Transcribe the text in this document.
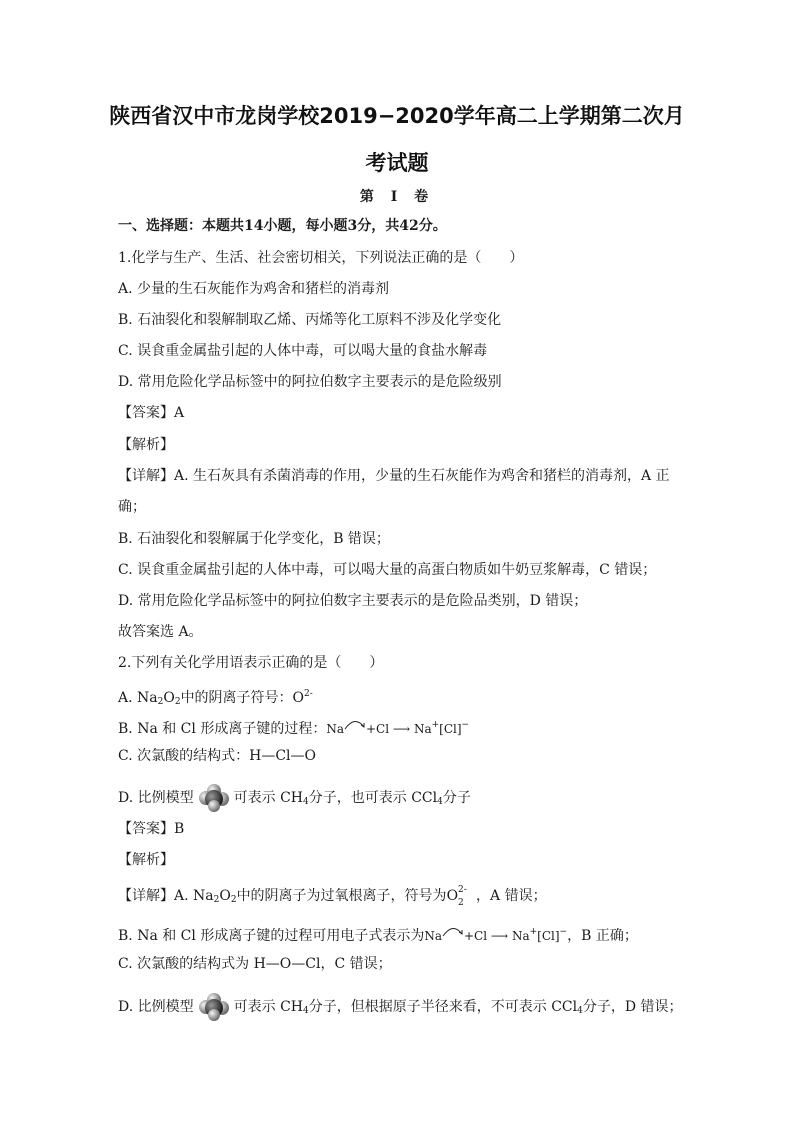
陕西省汉中市龙岗学校2019−2020学年高二上学期第二次月
考试题
第 Ⅰ 卷
一、选择题：本题共14小题，每小题3分，共42分。
1.化学与生产、生活、社会密切相关，下列说法正确的是（　　）
A. 少量的生石灰能作为鸡舍和猪栏的消毒剂
B. 石油裂化和裂解制取乙烯、丙烯等化工原料不涉及化学变化
C. 误食重金属盐引起的人体中毒，可以喝大量的食盐水解毒
D. 常用危险化学品标签中的阿拉伯数字主要表示的是危险级别
【答案】A
【解析】
【详解】A. 生石灰具有杀菌消毒的作用，少量的生石灰能作为鸡舍和猪栏的消毒剂，A 正
确；
B. 石油裂化和裂解属于化学变化，B 错误；
C. 误食重金属盐引起的人体中毒，可以喝大量的高蛋白物质如牛奶豆浆解毒，C 错误；
D. 常用危险化学品标签中的阿拉伯数字主要表示的是危险品类别，D 错误；
故答案选 A。
2.下列有关化学用语表示正确的是（　　）
A. $Na_2O_2$中的阴离子符号：$O^{2-}$
B. Na 和 Cl 形成离子键的过程：Na +Cl ⟶ Na+[Cl]−
C. 次氯酸的结构式：H—Cl—O
D. 比例模型	可表示 $CH_4$分子，也可表示 CCl$_4$分子
【答案】B
【解析】
【详解】A. $Na_2O_2$中的阴离子为过氧根离子，符号为O 2-
2 ，A 错误；
B. Na 和 Cl 形成离子键的过程可用电子式表示为Na +Cl ⟶ Na+[Cl]−，B 正确；
C. 次氯酸的结构式为 H—O—Cl，C 错误；
D. 比例模型	可表示 $CH_4$分子，但根据原子半径来看，不可表示 CCl$_4$分子，D 错误；
